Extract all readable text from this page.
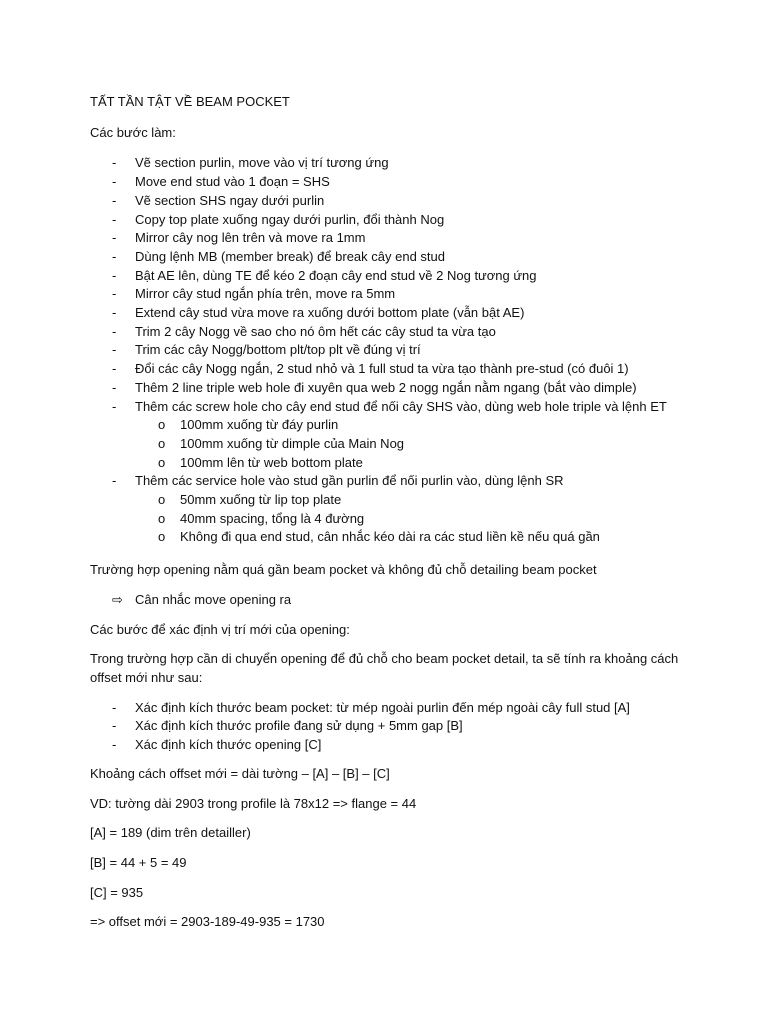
TẤT TẦN TẬT VỀ BEAM POCKET

Các bước làm:

- Vẽ section purlin, move vào vị trí tương ứng
- Move end stud vào 1 đoạn = SHS
- Vẽ section SHS ngay dưới purlin
- Copy top plate xuống ngay dưới purlin, đổi thành Nog
- Mirror cây nog lên trên và move ra 1mm
- Dùng lệnh MB (member break) để break cây end stud
- Bật AE lên, dùng TE để kéo 2 đoạn cây end stud về 2 Nog tương ứng
- Mirror cây stud ngắn phía trên, move ra 5mm
- Extend cây stud vừa move ra xuống dưới bottom plate (vẫn bật AE)
- Trim 2 cây Nogg về sao cho nó ôm hết các cây stud ta vừa tạo
- Trim các cây Nogg/bottom plt/top plt về đúng vị trí
- Đổi các cây Nogg ngắn, 2 stud nhỏ và 1 full stud ta vừa tạo thành pre-stud (có đuôi 1)
- Thêm 2 line triple web hole đi xuyên qua web 2 nogg ngắn nằm ngang (bắt vào dimple)
- Thêm các screw hole cho cây end stud để nối cây SHS vào, dùng web hole triple và lệnh ET
o 100mm xuống từ đáy purlin
o 100mm xuống từ dimple của Main Nog
o 100mm lên từ web bottom plate
- Thêm các service hole vào stud gần purlin để nối purlin vào, dùng lệnh SR
o 50mm xuống từ lip top plate
o 40mm spacing, tổng là 4 đường
o Không đi qua end stud, cân nhắc kéo dài ra các stud liền kề nếu quá gần

Trường hợp opening nằm quá gần beam pocket và không đủ chỗ detailing beam pocket

⇨ Cân nhắc move opening ra

Các bước để xác định vị trí mới của opening:

Trong trường hợp cần di chuyển opening để đủ chỗ cho beam pocket detail, ta sẽ tính ra khoảng cách offset mới như sau:

- Xác định kích thước beam pocket: từ mép ngoài purlin đến mép ngoài cây full stud [A]
- Xác định kích thước profile đang sử dụng + 5mm gap [B]
- Xác định kích thước opening [C]

Khoảng cách offset mới = dài tường – [A] – [B] – [C]

VD: tường dài 2903 trong profile là 78x12 => flange = 44

[A] = 189 (dim trên detailler)

[B] = 44 + 5 = 49

[C] = 935

=> offset mới = 2903-189-49-935 = 1730
